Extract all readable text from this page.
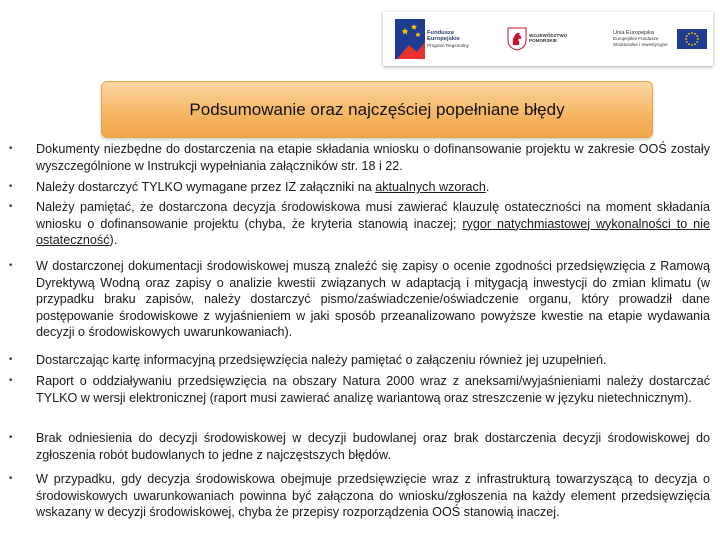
Fundusze Europejskie
Program Regionalny
WOJEWÓDZTWO POMORSKIE
Unia Europejska
Europejskie Fundusze Strukturalne i Inwestycyjne
Podsumowanie oraz najczęściej popełniane błędy
• Dokumenty niezbędne do dostarczenia na etapie składania wniosku o dofinansowanie projektu w zakresie OOŚ zostały wyszczególnione w Instrukcji wypełniania załączników str. 18 i 22.
• Należy dostarczyć TYLKO wymagane przez IZ załączniki na aktualnych wzorach.
• Należy pamiętać, że dostarczona decyzja środowiskowa musi zawierać klauzulę ostateczności na moment składania wniosku o dofinansowanie projektu (chyba, że kryteria stanowią inaczej; rygor natychmiastowej wykonalności to nie ostateczność).
• W dostarczonej dokumentacji środowiskowej muszą znaleźć się zapisy o ocenie zgodności przedsięwzięcia z Ramową Dyrektywą Wodną oraz zapisy o analizie kwestii związanych w adaptacją i mitygacją inwestycji do zmian klimatu (w przypadku braku zapisów, należy dostarczyć pismo/zaświadczenie/oświadczenie organu, który prowadził dane postępowanie środowiskowe z wyjaśnieniem w jaki sposób przeanalizowano powyższe kwestie na etapie wydawania decyzji o środowiskowych uwarunkowaniach).
• Dostarczając kartę informacyjną przedsięwzięcia należy pamiętać o załączeniu również jej uzupełnień.
• Raport o oddziaływaniu przedsięwzięcia na obszary Natura 2000 wraz z aneksami/wyjaśnieniami należy dostarczać TYLKO w wersji elektronicznej (raport musi zawierać analizę wariantową oraz streszczenie w języku nietechnicznym).
• Brak odniesienia do decyzji środowiskowej w decyzji budowlanej oraz brak dostarczenia decyzji środowiskowej do zgłoszenia robót budowlanych to jedne z najczęstszych błędów.
• W przypadku, gdy decyzja środowiskowa obejmuje przedsięwzięcie wraz z infrastrukturą towarzyszącą to decyzja o środowiskowych uwarunkowaniach powinna być załączona do wniosku/zgłoszenia na każdy element przedsięwzięcia wskazany w decyzji środowiskowej, chyba że przepisy rozporządzenia OOŚ stanowią inaczej.
